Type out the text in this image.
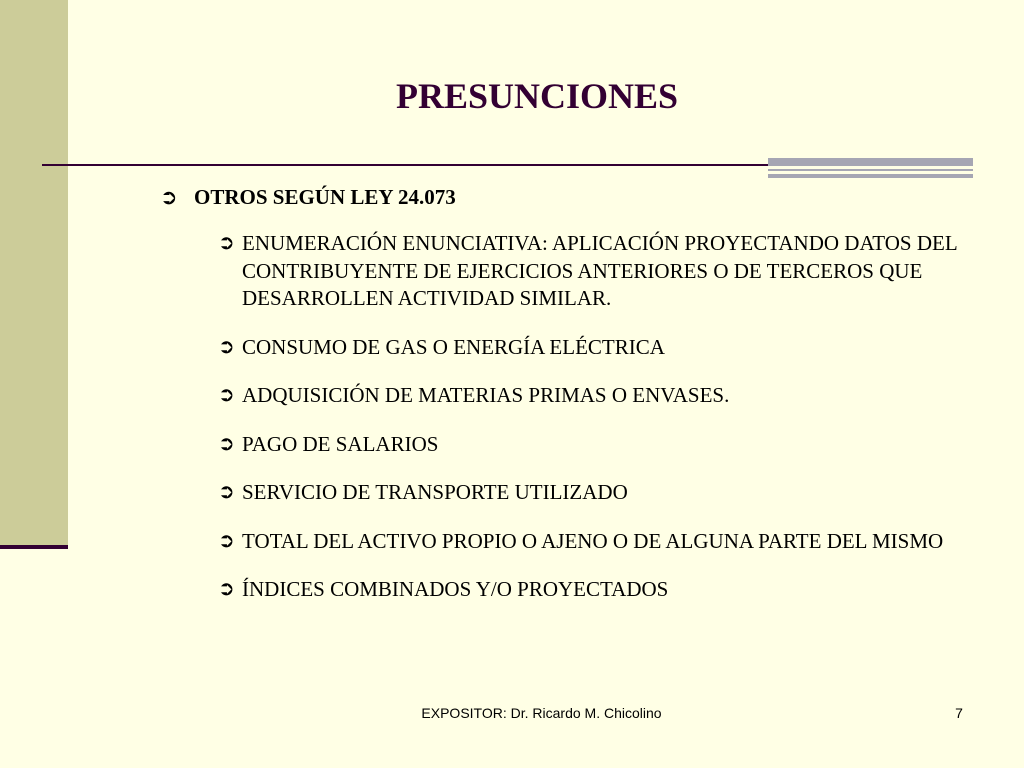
PRESUNCIONES
➲ OTROS SEGÚN LEY 24.073
➲ ENUMERACIÓN ENUNCIATIVA: APLICACIÓN PROYECTANDO DATOS DEL CONTRIBUYENTE DE EJERCICIOS ANTERIORES O DE TERCEROS QUE DESARROLLEN ACTIVIDAD SIMILAR.
➲ CONSUMO DE GAS O ENERGÍA ELÉCTRICA
➲ ADQUISICIÓN DE MATERIAS PRIMAS O ENVASES.
➲ PAGO DE SALARIOS
➲ SERVICIO DE TRANSPORTE UTILIZADO
➲ TOTAL DEL ACTIVO PROPIO O AJENO O DE ALGUNA PARTE DEL MISMO
➲ ÍNDICES COMBINADOS Y/O PROYECTADOS
EXPOSITOR: Dr. Ricardo M. Chicolino	7
